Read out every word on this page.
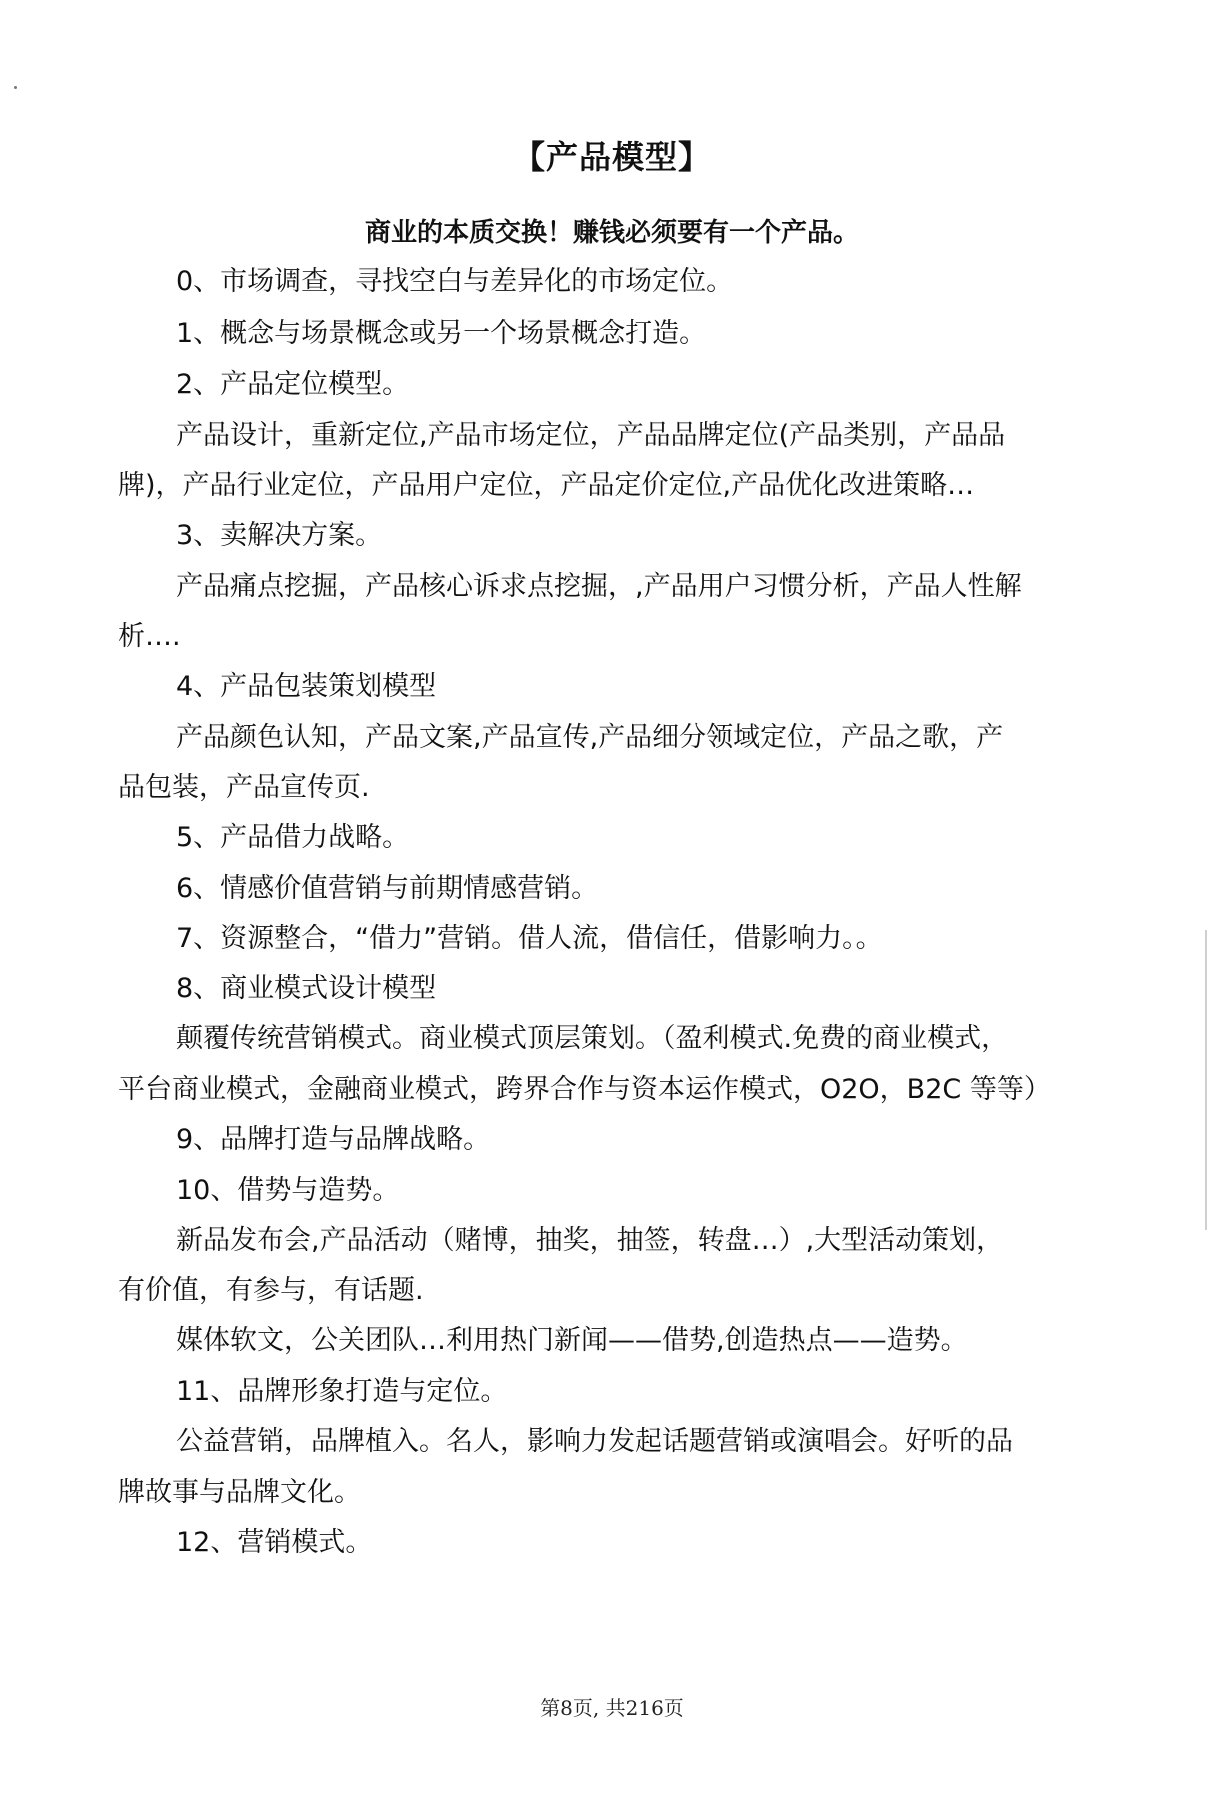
【产品模型】
商业的本质交换！赚钱必须要有一个产品。
0、市场调查，寻找空白与差异化的市场定位。
1、概念与场景概念或另一个场景概念打造。
2、产品定位模型。
产品设计，重新定位,产品市场定位，产品品牌定位(产品类别，产品品
牌)，产品行业定位，产品用户定位，产品定价定位,产品优化改进策略…
3、卖解决方案。
产品痛点挖掘，产品核心诉求点挖掘，,产品用户习惯分析，产品人性解
析….
4、产品包装策划模型
产品颜色认知，产品文案,产品宣传,产品细分领域定位，产品之歌，产
品包装，产品宣传页.
5、产品借力战略。
6、情感价值营销与前期情感营销。
7、资源整合，“借力”营销。借人流，借信任，借影响力。。
8、商业模式设计模型
颠覆传统营销模式。商业模式顶层策划。（盈利模式.免费的商业模式，
平台商业模式，金融商业模式，跨界合作与资本运作模式，O2O，B2C 等等）
9、品牌打造与品牌战略。
10、借势与造势。
新品发布会,产品活动（赌博，抽奖，抽签，转盘…）,大型活动策划，
有价值，有参与，有话题.
媒体软文，公关团队…利用热门新闻——借势,创造热点——造势。
11、品牌形象打造与定位。
公益营销，品牌植入。名人，影响力发起话题营销或演唱会。好听的品
牌故事与品牌文化。
12、营销模式。
第8页, 共216页
